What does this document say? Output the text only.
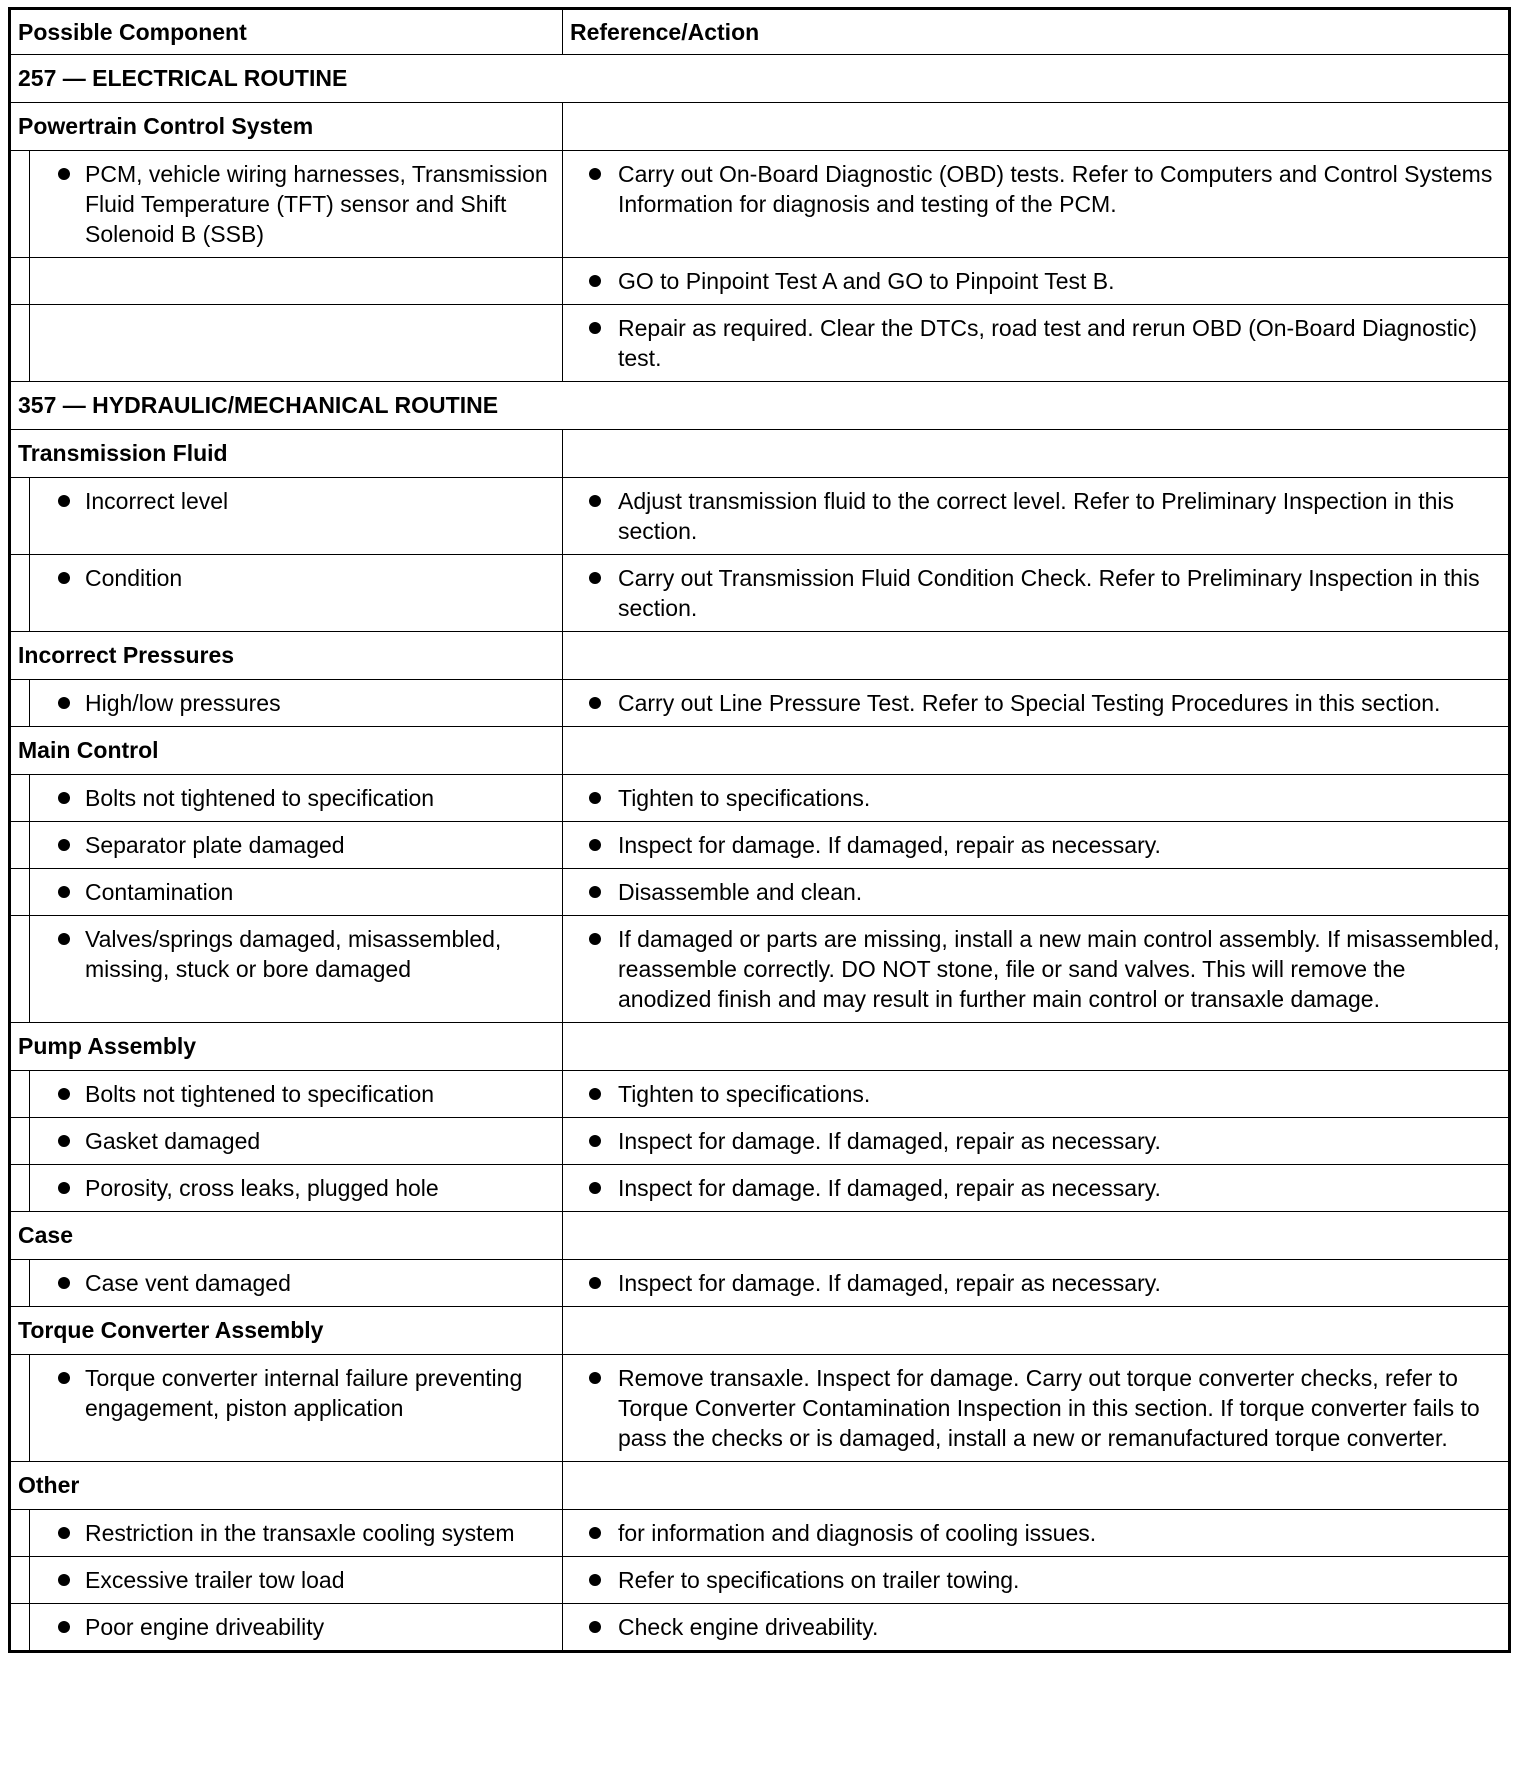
Possible Component		Reference/Action
257 — ELECTRICAL ROUTINE		
Powertrain Control System		

	PCM, vehicle wiring harnesses, Transmission Fluid Temperature (TFT) sensor and Shift Solenoid B (SSB)	Carry out On-Board Diagnostic (OBD) tests. Refer to Computers and Control Systems Information for diagnosis and testing of the PCM.

		GO to Pinpoint Test A and GO to Pinpoint Test B.

		Repair as required. Clear the DTCs, road test and rerun OBD (On-Board Diagnostic) test.

357 — HYDRAULIC/MECHANICAL ROUTINE		
Transmission Fluid		

	Incorrect level	Adjust transmission fluid to the correct level. Refer to Preliminary Inspection in this section.

	Condition	Carry out Transmission Fluid Condition Check. Refer to Preliminary Inspection in this section.

Incorrect Pressures		

	High/low pressures	Carry out Line Pressure Test. Refer to Special Testing Procedures in this section.

Main Control		

	Bolts not tightened to specification	Tighten to specifications.

	Separator plate damaged	Inspect for damage. If damaged, repair as necessary.

	Contamination	Disassemble and clean.

	Valves/springs damaged, misassembled, missing, stuck or bore damaged	If damaged or parts are missing, install a new main control assembly. If misassembled, reassemble correctly. DO NOT stone, file or sand valves. This will remove the anodized finish and may result in further main control or transaxle damage.

Pump Assembly		

	Bolts not tightened to specification	Tighten to specifications.

	Gasket damaged	Inspect for damage. If damaged, repair as necessary.

	Porosity, cross leaks, plugged hole	Inspect for damage. If damaged, repair as necessary.

Case		

	Case vent damaged	Inspect for damage. If damaged, repair as necessary.

Torque Converter Assembly		

	Torque converter internal failure preventing engagement, piston application	Remove transaxle. Inspect for damage. Carry out torque converter checks, refer to Torque Converter Contamination Inspection in this section. If torque converter fails to pass the checks or is damaged, install a new or remanufactured torque converter.

Other		

	Restriction in the transaxle cooling system	for information and diagnosis of cooling issues.

	Excessive trailer tow load	Refer to specifications on trailer towing.

	Poor engine driveability	Check engine driveability.
